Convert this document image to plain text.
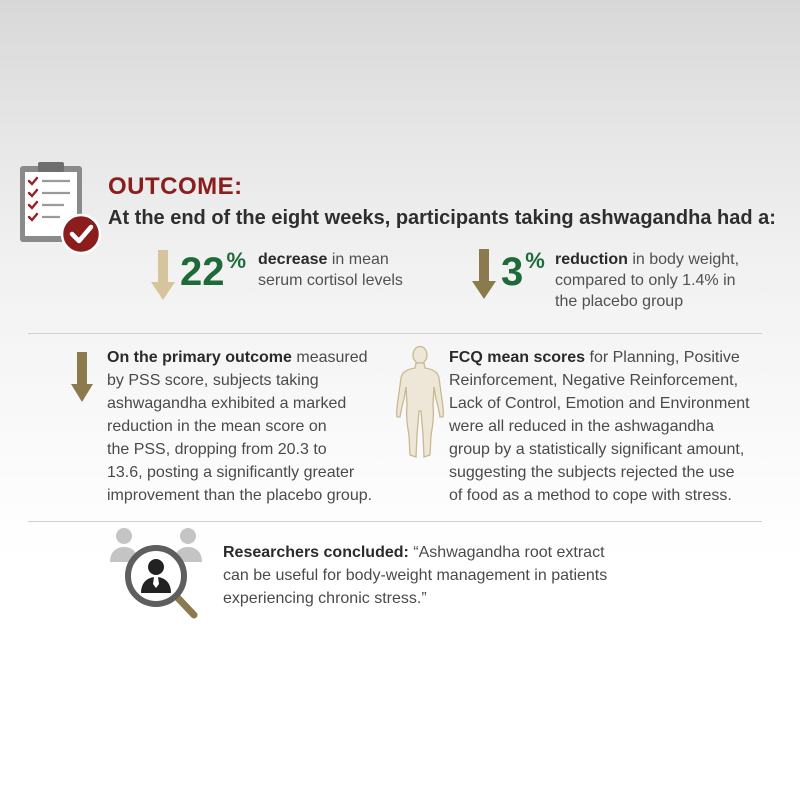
OUTCOME:
At the end of the eight weeks, participants taking ashwagandha had a:
22% decrease in mean
serum cortisol levels 3% reduction in body weight,
compared to only 1.4% in
the placebo group
On the primary outcome measured
by PSS score, subjects taking
ashwagandha exhibited a marked
reduction in the mean score on
the PSS, dropping from 20.3 to
13.6, posting a significantly greater
improvement than the placebo group.
FCQ mean scores for Planning, Positive
Reinforcement, Negative Reinforcement,
Lack of Control, Emotion and Environment
were all reduced in the ashwagandha
group by a statistically significant amount,
suggesting the subjects rejected the use
of food as a method to cope with stress.
Researchers concluded: “Ashwagandha root extract
can be useful for body-weight management in patients
experiencing chronic stress.”
